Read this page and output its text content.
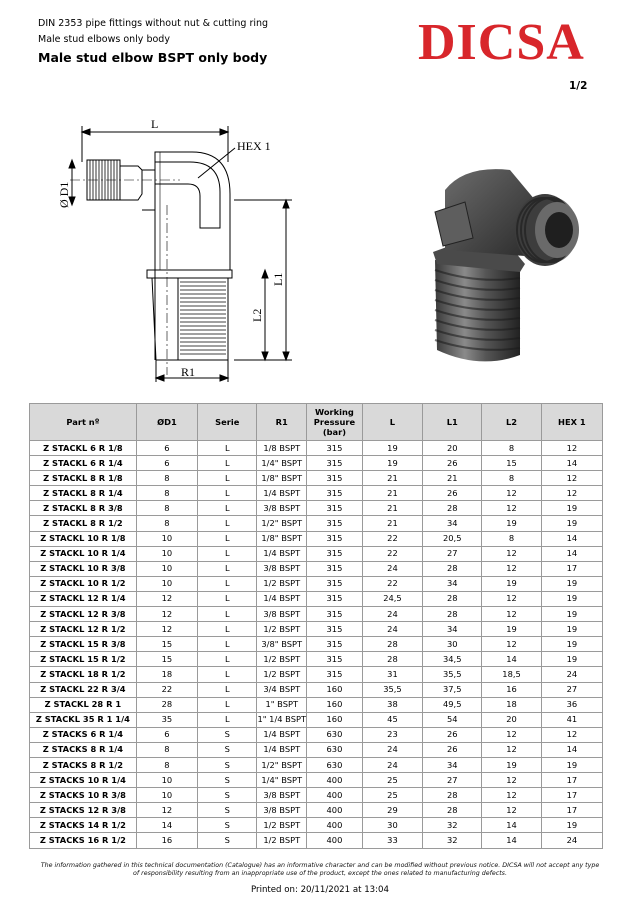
DIN 2353 pipe fittings without nut & cutting ring
Male stud elbows only body
Male stud elbow BSPT only body	DICSA
1/2
L
HEX 1
Ø D1
L1
L2
R1
Part nº	ØD1	Serie	R1	Working Pressure (bar)	L	L1	L2	HEX 1
Z STACKL 6 R 1/8	6	L	1/8 BSPT	315	19	20	8	12
Z STACKL 6 R 1/4	6	L	1/4" BSPT	315	19	26	15	14
Z STACKL 8 R 1/8	8	L	1/8" BSPT	315	21	21	8	12
Z STACKL 8 R 1/4	8	L	1/4 BSPT	315	21	26	12	12
Z STACKL 8 R 3/8	8	L	3/8 BSPT	315	21	28	12	19
Z STACKL 8 R 1/2	8	L	1/2" BSPT	315	21	34	19	19
Z STACKL 10 R 1/8	10	L	1/8" BSPT	315	22	20,5	8	14
Z STACKL 10 R 1/4	10	L	1/4 BSPT	315	22	27	12	14
Z STACKL 10 R 3/8	10	L	3/8 BSPT	315	24	28	12	17
Z STACKL 10 R 1/2	10	L	1/2 BSPT	315	22	34	19	19
Z STACKL 12 R 1/4	12	L	1/4 BSPT	315	24,5	28	12	19
Z STACKL 12 R 3/8	12	L	3/8 BSPT	315	24	28	12	19
Z STACKL 12 R 1/2	12	L	1/2 BSPT	315	24	34	19	19
Z STACKL 15 R 3/8	15	L	3/8" BSPT	315	28	30	12	19
Z STACKL 15 R 1/2	15	L	1/2 BSPT	315	28	34,5	14	19
Z STACKL 18 R 1/2	18	L	1/2 BSPT	315	31	35,5	18,5	24
Z STACKL 22 R 3/4	22	L	3/4 BSPT	160	35,5	37,5	16	27
Z STACKL 28 R 1	28	L	1" BSPT	160	38	49,5	18	36
Z STACKL 35 R 1 1/4	35	L	1" 1/4 BSPT	160	45	54	20	41
Z STACKS 6 R 1/4	6	S	1/4 BSPT	630	23	26	12	12
Z STACKS 8 R 1/4	8	S	1/4 BSPT	630	24	26	12	14
Z STACKS 8 R 1/2	8	S	1/2" BSPT	630	24	34	19	19
Z STACKS 10 R 1/4	10	S	1/4" BSPT	400	25	27	12	17
Z STACKS 10 R 3/8	10	S	3/8 BSPT	400	25	28	12	17
Z STACKS 12 R 3/8	12	S	3/8 BSPT	400	29	28	12	17
Z STACKS 14 R 1/2	14	S	1/2 BSPT	400	30	32	14	19
Z STACKS 16 R 1/2	16	S	1/2 BSPT	400	33	32	14	24
The information gathered in this technical documentation (Catalogue) has an informative character and can be modified without previous notice. DICSA will not accept any type
of responsibility resulting from an inappropriate use of the product, except the ones related to manufacturing defects.
Printed on: 20/11/2021 at 13:04
